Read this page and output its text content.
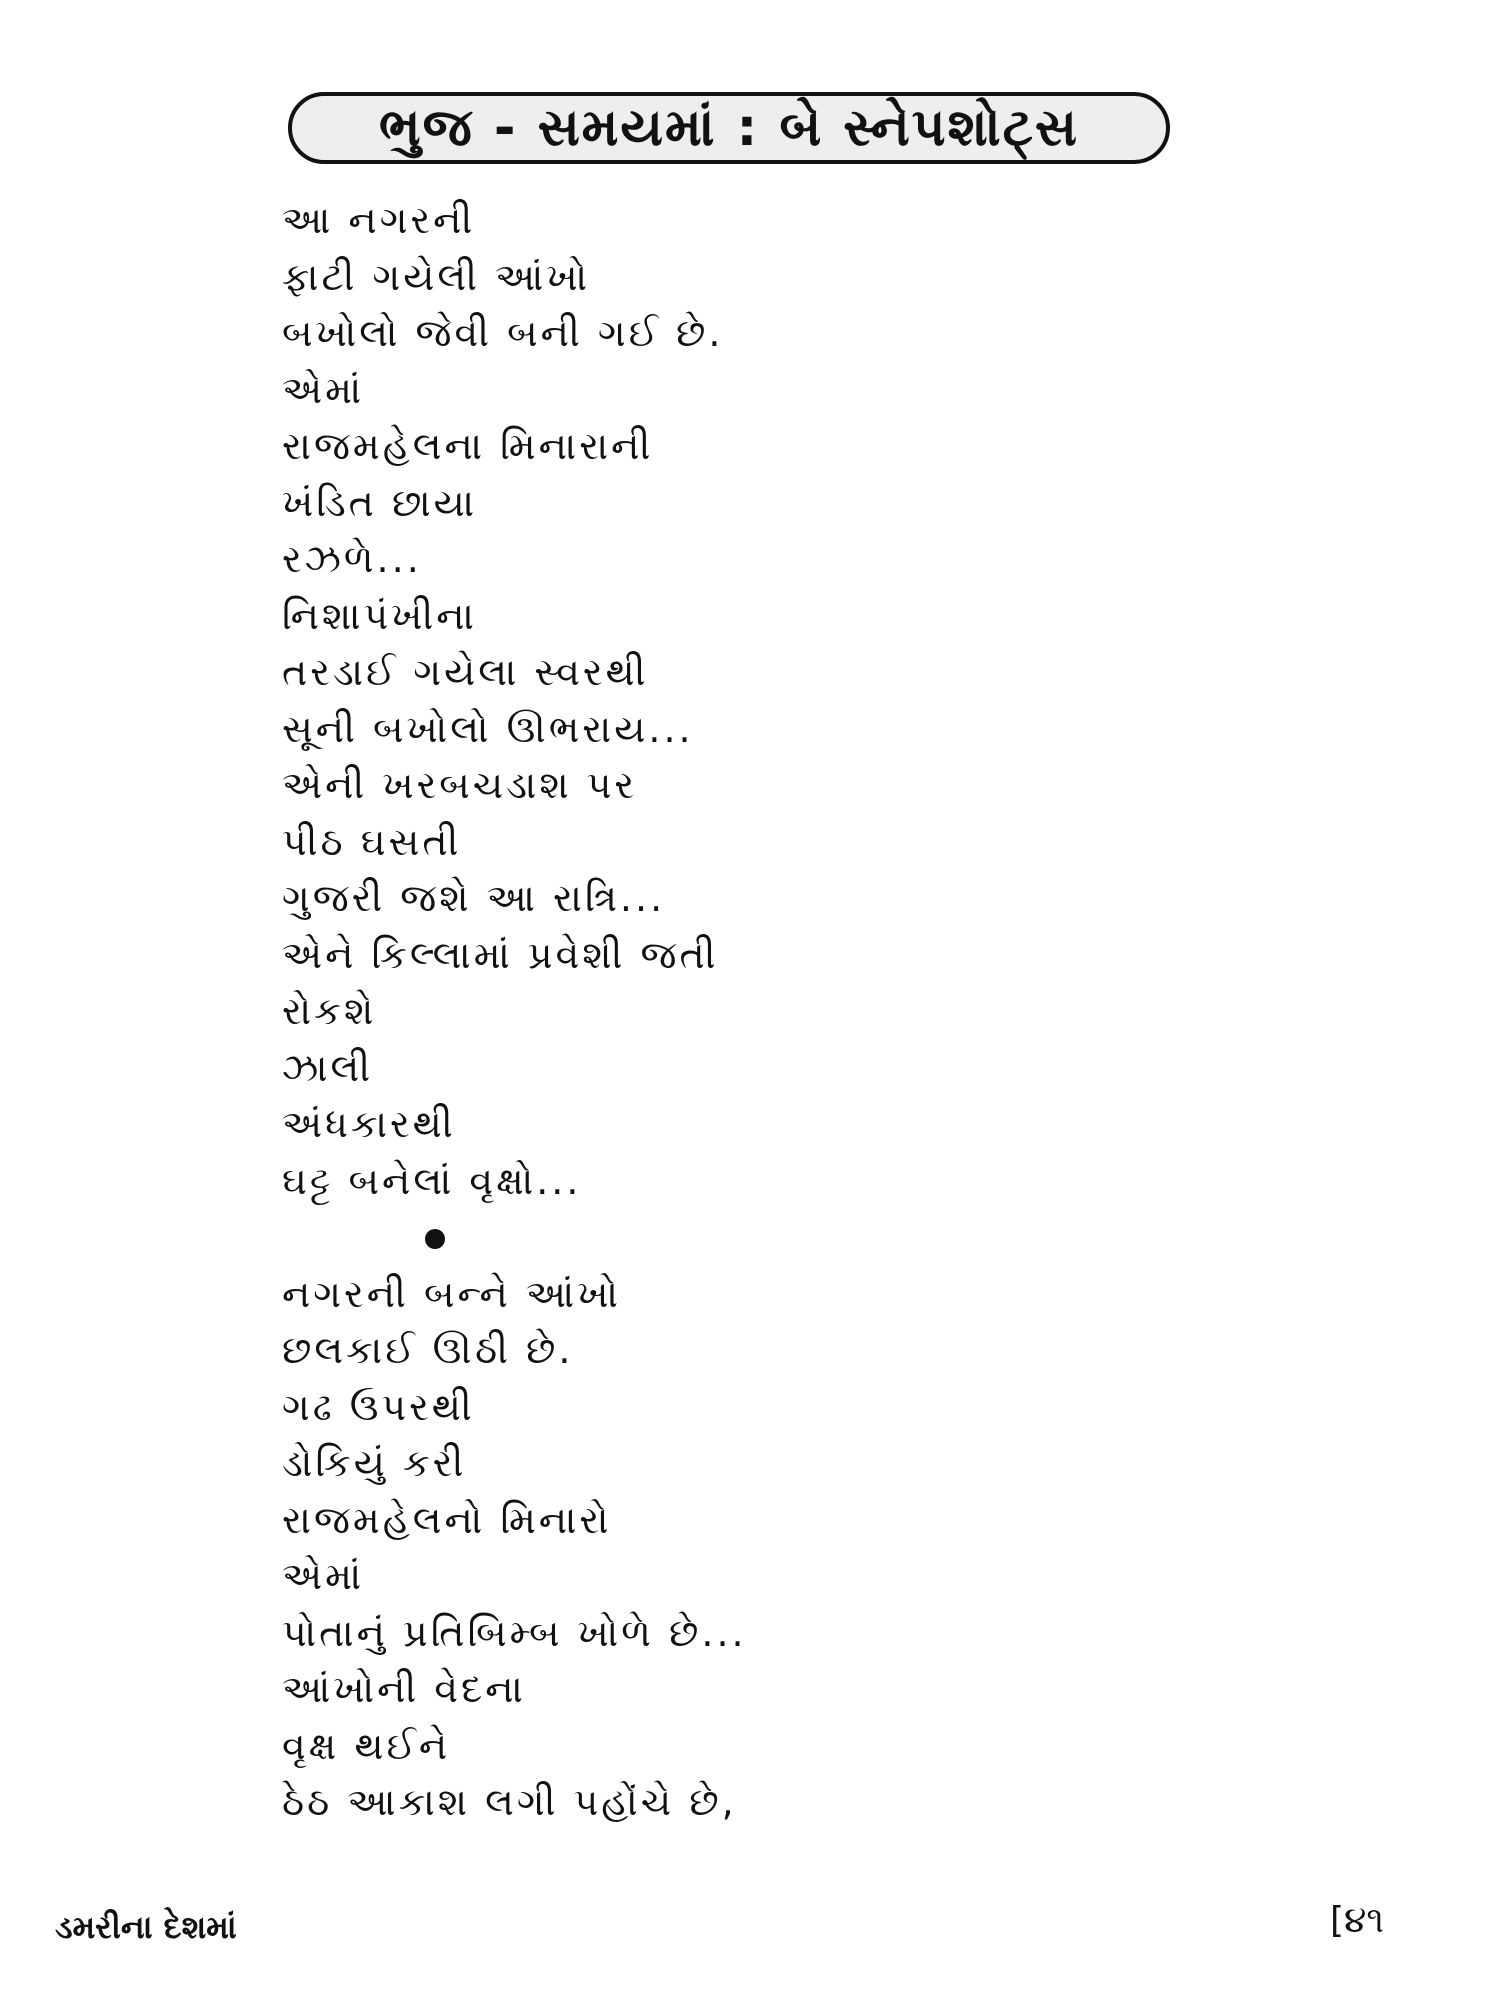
ભુજ - સમયમાં : બે સ્નેપશોટ્સ
આ નગરની
ફાટી ગયેલી આંખો
બખોલો જેવી બની ગઈ છે.
એમાં
રાજમહેલના મિનારાની
ખંડિત છાયા
રઝળે...
નિશાપંખીના
તરડાઈ ગયેલા સ્વરથી
સૂની બખોલો ઊભરાય...
એની ખરબચડાશ પર
પીઠ ઘસતી
ગુજરી જશે આ રાત્રિ...
એને કિલ્લામાં પ્રવેશી જતી
રોકશે
ઝાલી
અંધકારથી
ઘટ્ટ બનેલાં વૃક્ષો...
નગરની બન્ને આંખો
છલકાઈ ઊઠી છે.
ગઢ ઉપરથી
ડોકિયું કરી
રાજમહેલનો મિનારો
એમાં
પોતાનું પ્રતિબિમ્બ ખોળે છે...
આંખોની વેદના
વૃક્ષ થઈને
ઠેઠ આકાશ લગી પહોંચે છે,
ડમરીના દેશમાં	[૪૧
